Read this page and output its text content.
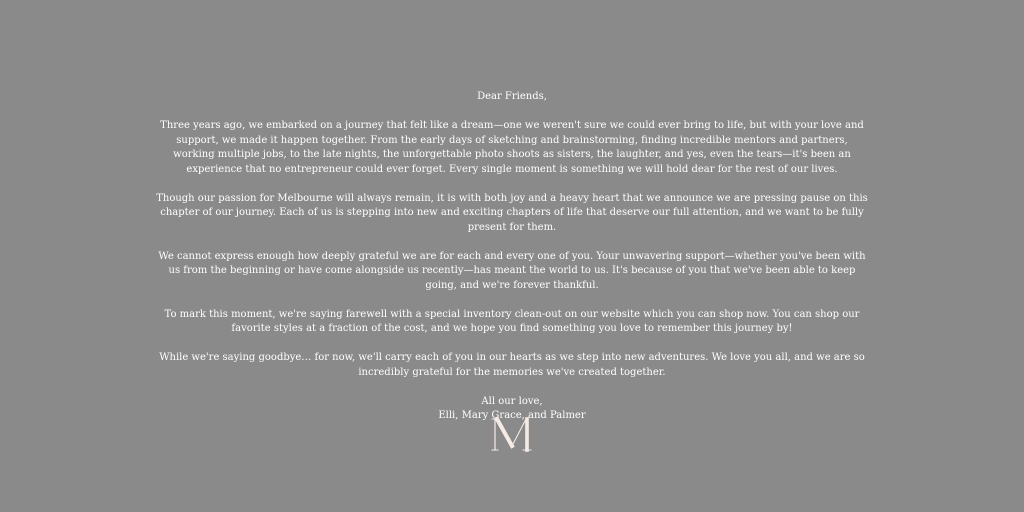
Dear Friends,

Three years ago, we embarked on a journey that felt like a dream—one we weren't sure we could ever bring to life, but with your love and support, we made it happen together. From the early days of sketching and brainstorming, finding incredible mentors and partners, working multiple jobs, to the late nights, the unforgettable photo shoots as sisters, the laughter, and yes, even the tears—it's been an experience that no entrepreneur could ever forget. Every single moment is something we will hold dear for the rest of our lives.

Though our passion for Melbourne will always remain, it is with both joy and a heavy heart that we announce we are pressing pause on this chapter of our journey. Each of us is stepping into new and exciting chapters of life that deserve our full attention, and we want to be fully present for them.

We cannot express enough how deeply grateful we are for each and every one of you. Your unwavering support—whether you've been with us from the beginning or have come alongside us recently—has meant the world to us. It's because of you that we've been able to keep going, and we're forever thankful.

To mark this moment, we're saying farewell with a special inventory clean-out on our website which you can shop now. You can shop our favorite styles at a fraction of the cost, and we hope you find something you love to remember this journey by!

While we're saying goodbye… for now, we'll carry each of you in our hearts as we step into new adventures. We love you all, and we are so incredibly grateful for the memories we've created together.

All our love,

Elli, Mary Grace, and Palmer
